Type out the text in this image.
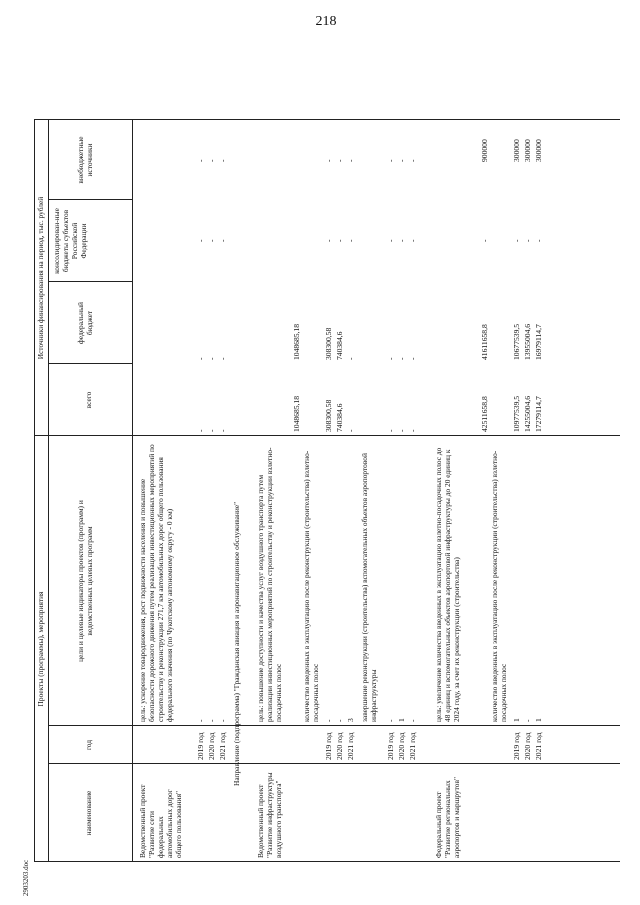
218
2903203.doc
Проекты (программы), мероприятия
Источники финансирования на период, тыс. рублей
наименование
год
цели и целевые индикаторы проектов (программ) и ведомственных целевых программ
всего
федеральный бюджет
консолидирован-ные бюджеты субъектов Российской Федерации
внебюджетные источники
Ведомственный проект "Развитие сети федеральных автомобильных дорог общего пользования"
цель: ускорение товародвижения, рост подвижности населения и повышение безопасности дорожного движения путем реализации инвестиционных мероприятий по строительству и реконструкции 271,7 км автомобильных дорог общего пользования федерального значения (по Чукотскому автономному округу - 0 км)
2019 год
-
-
-
-
-
2020 год
-
-
-
-
-
2021 год
-
-
-
-
-
Направление (подпрограмма) "Гражданская авиация и аэронавигационное обслуживание"
Ведомственный проект "Развитие инфраструктуры воздушного транспорта"
цель: повышение доступности и качества услуг воздушного транспорта путем реализации инвестиционных мероприятий по строительству и реконструкции взлетно-посадочных полос
1048685,18
1048685,18
количество введенных в эксплуатацию после реконструкции (строительства) взлетно-посадочных полос
2019 год
-
308300,58
308300,58
-
-
2020 год
-
740384,6
740384,6
-
-
2021 год
3
-
-
-
-
завершение реконструкции (строительства) вспомогательных объектов аэропортовой инфраструктуры
2019 год
-
-
-
-
-
2020 год
1
-
-
-
-
2021 год
-
-
-
-
-
Федеральный проект "Развитие региональных аэропортов и маршрутов"
цель: увеличение количества введенных в эксплуатацию взлетно-посадочных полос до 48 единиц и вспомогательных объектов аэропортовой инфраструктуры до 20 единиц к 2024 году, за счет их реконструкции (строительства)
42511658,8
41611658,8
-
900000
количество введенных в эксплуатацию после реконструкции (строительства) взлетно-посадочных полос
2019 год
1
10977539,5
10677539,5
-
300000
2020 год
-
14255004,6
13955004,6
-
300000
2021 год
1
17279114,7
16979114,7
-
300000
